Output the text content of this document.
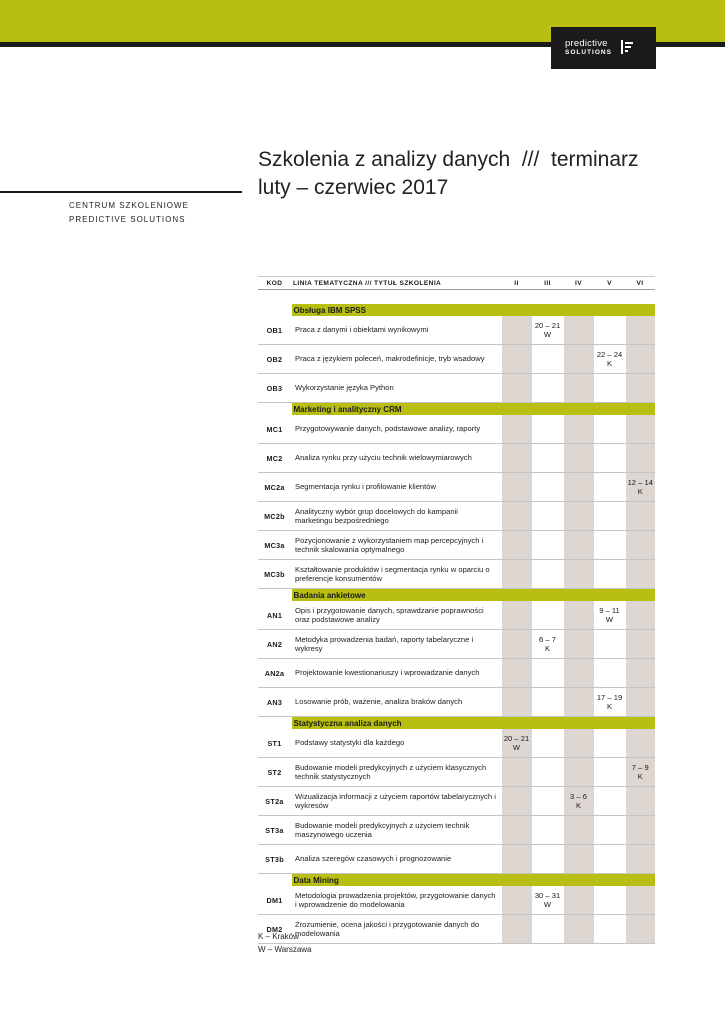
predictive
SOLUTIONS
Szkolenia z analizy danych  ///  terminarz
luty – czerwiec 2017
CENTRUM SZKOLENIOWE
PREDICTIVE SOLUTIONS
KOD	LINIA TEMATYCZNA /// TYTUŁ SZKOLENIA	II	III	IV	V	VI

	Obsługa IBM SPSS					
OB1	Praca z danymi i obiektami wynikowymi		20 – 21
W			
OB2	Praca z językiem poleceń, makrodefinicje, tryb wsadowy				22 – 24
K	
OB3	Wykorzystanie języka Python					
	Marketing i analityczny CRM					
MC1	Przygotowywanie danych, podstawowe analizy, raporty					
MC2	Analiza rynku przy użyciu technik wielowymiarowych					
MC2a	Segmentacja rynku i profilowanie klientów					12 – 14
K
MC2b	Analityczny wybór grup docelowych do kampanii marketingu bezpośredniego					
MC3a	Pozycjonowanie z wykorzystaniem map percepcyjnych i technik skalowania optymalnego					
MC3b	Kształtowanie produktów i segmentacja rynku w oparciu o preferencje konsumentów					
	Badania ankietowe					
AN1	Opis i przygotowanie danych, sprawdzanie poprawności oraz podstawowe analizy				9 – 11
W	
AN2	Metodyka prowadzenia badań, raporty tabelaryczne i wykresy		6 – 7
K			
AN2a	Projektowanie kwestionariuszy i wprowadzanie danych					
AN3	Losowanie prób, ważenie, analiza braków danych				17 – 19
K	
	Statystyczna analiza danych					
ST1	Podstawy statystyki dla każdego	20 – 21
W				
ST2	Budowanie modeli predykcyjnych z użyciem klasycznych technik statystycznych					7 – 9
K
ST2a	Wizualizacja informacji z użyciem raportów tabelarycznych i wykresów			3 – 6
K		
ST3a	Budowanie modeli predykcyjnych z użyciem technik maszynowego uczenia					
ST3b	Analiza szeregów czasowych i prognozowanie					
	Data Mining					
DM1	Metodologia prowadzenia projektów, przygotowanie danych i wprowadzenie do modelowania		30 – 31
W			
DM2	Zrozumienie, ocena jakości i przygotowanie danych do modelowania					
K – Kraków
W – Warszawa
